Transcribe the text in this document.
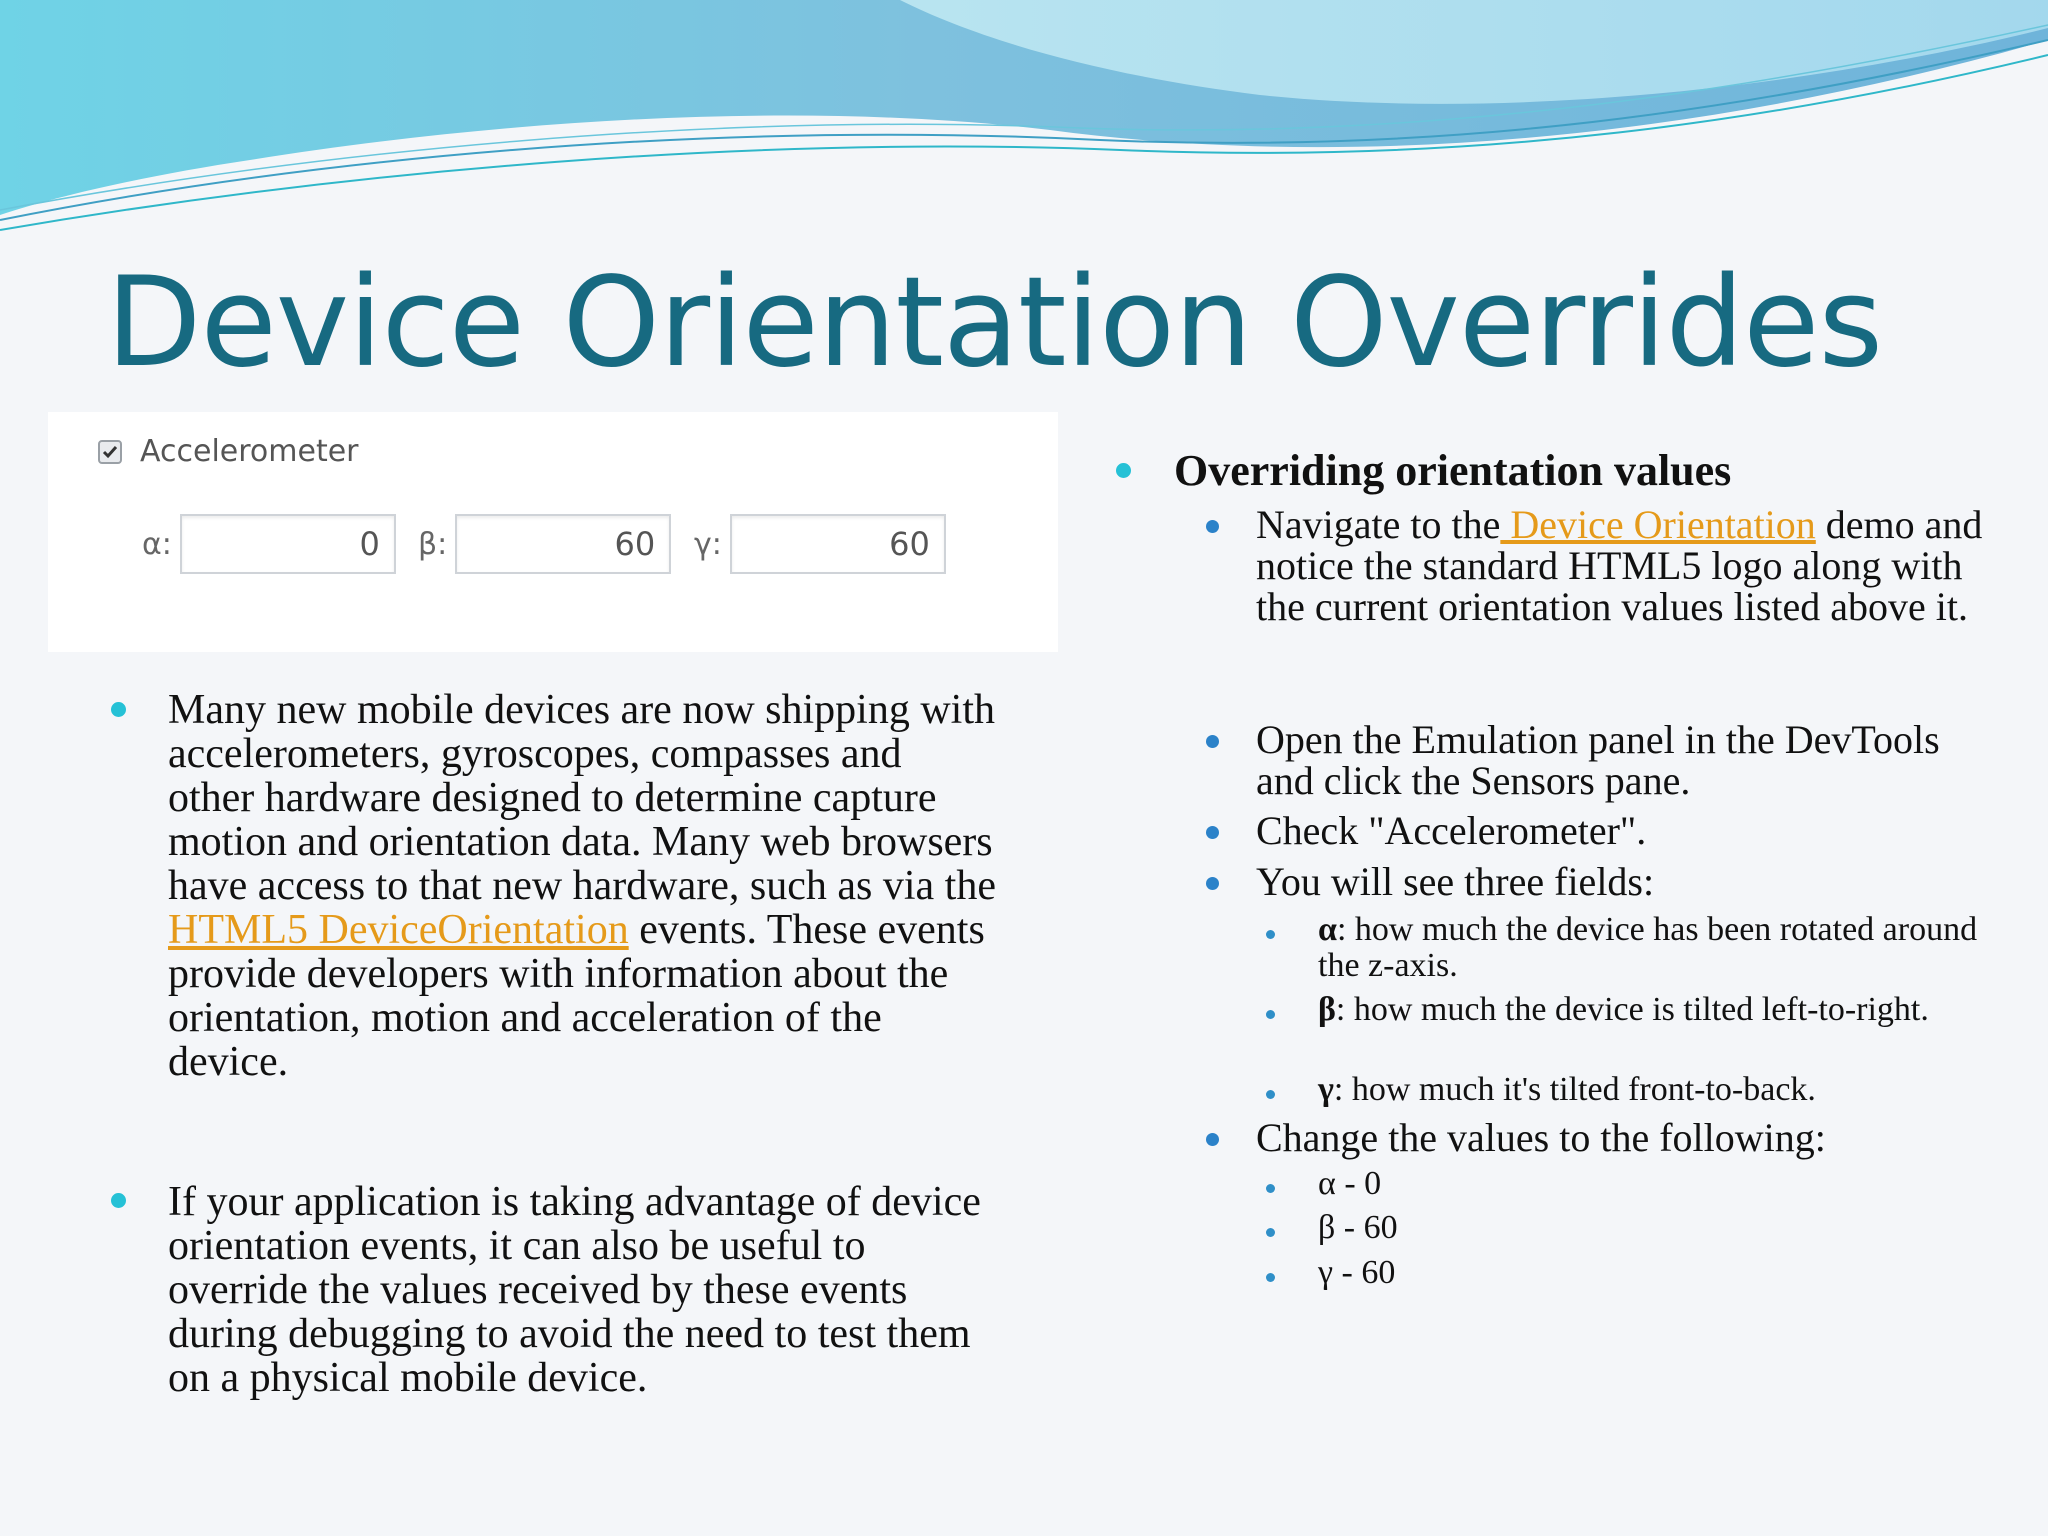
Device Orientation Overrides
Accelerometer
α:
0	β:
60	γ:
60

Many new mobile devices are now shipping with accelerometers, gyroscopes, compasses and other hardware designed to determine capture motion and orientation data. Many web browsers have access to that new hardware, such as via the HTML5 DeviceOrientation events. These events provide developers with information about the orientation, motion and acceleration of the device.

If your application is taking advantage of device orientation events, it can also be useful to override the values received by these events during debugging to avoid the need to test them on a physical mobile device.

Overriding orientation values

Navigate to the Device Orientation demo and notice the standard HTML5 logo along with the current orientation values listed above it.

Open the Emulation panel in the DevTools and click the Sensors pane.

Check "Accelerometer".

You will see three fields:

α: how much the device has been rotated around the z-axis.

β: how much the device is tilted left-to-right.

γ: how much it's tilted front-to-back.

Change the values to the following:

α - 0

β - 60

γ - 60
